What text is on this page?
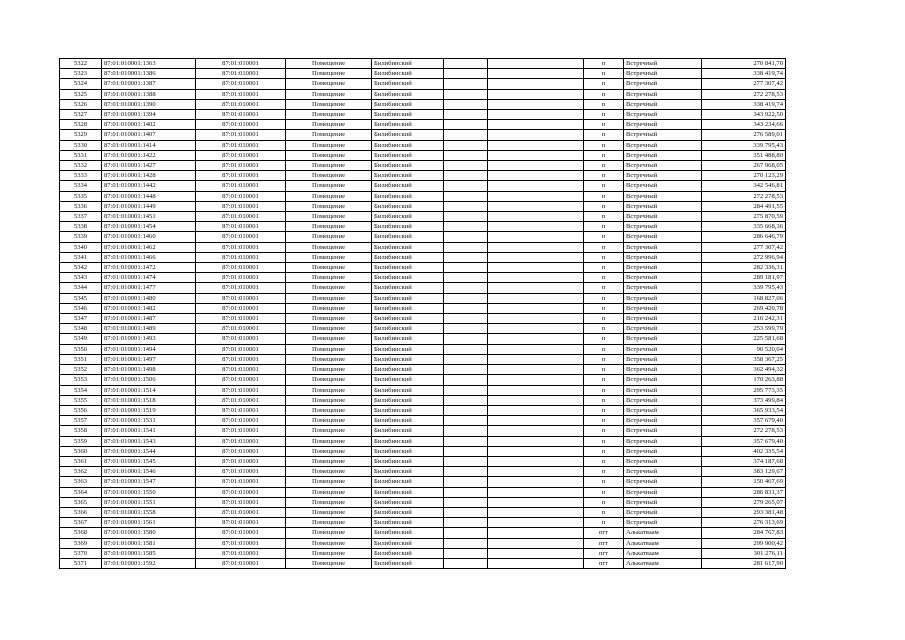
5322	87:01:010001:1363	87:01:010001	Помещение	Билибинский			п	Встречный	270 841,70
5323	87:01:010001:1386	87:01:010001	Помещение	Билибинский			п	Встречный	338 419,74
5324	87:01:010001:1387	87:01:010001	Помещение	Билибинский			п	Встречный	277 307,42
5325	87:01:010001:1388	87:01:010001	Помещение	Билибинский			п	Встречный	272 278,53
5326	87:01:010001:1390	87:01:010001	Помещение	Билибинский			п	Встречный	338 419,74
5327	87:01:010001:1394	87:01:010001	Помещение	Билибинский			п	Встречный	343 922,50
5328	87:01:010001:1402	87:01:010001	Помещение	Билибинский			п	Встречный	343 234,66
5329	87:01:010001:1407	87:01:010001	Помещение	Билибинский			п	Встречный	276 589,01
5330	87:01:010001:1414	87:01:010001	Помещение	Билибинский			п	Встречный	339 795,43
5331	87:01:010001:1422	87:01:010001	Помещение	Билибинский			п	Встречный	351 488,80
5332	87:01:010001:1427	87:01:010001	Помещение	Билибинский			п	Встречный	267 968,05
5333	87:01:010001:1428	87:01:010001	Помещение	Билибинский			п	Встречный	270 123,29
5334	87:01:010001:1442	87:01:010001	Помещение	Билибинский			п	Встречный	342 546,81
5335	87:01:010001:1448	87:01:010001	Помещение	Билибинский			п	Встречный	272 278,53
5336	87:01:010001:1449	87:01:010001	Помещение	Билибинский			п	Встречный	284 491,55
5337	87:01:010001:1451	87:01:010001	Помещение	Билибинский			п	Встречный	275 870,59
5338	87:01:010001:1454	87:01:010001	Помещение	Билибинский			п	Встречный	335 668,36
5339	87:01:010001:1460	87:01:010001	Помещение	Билибинский			п	Встречный	286 646,79
5340	87:01:010001:1462	87:01:010001	Помещение	Билибинский			п	Встречный	277 307,42
5341	87:01:010001:1466	87:01:010001	Помещение	Билибинский			п	Встречный	272 996,94
5342	87:01:010001:1472	87:01:010001	Помещение	Билибинский			п	Встречный	282 336,31
5343	87:01:010001:1474	87:01:010001	Помещение	Билибинский			п	Встречный	289 181,97
5344	87:01:010001:1477	87:01:010001	Помещение	Билибинский			п	Встречный	339 795,43
5345	87:01:010001:1480	87:01:010001	Помещение	Билибинский			п	Встречный	168 827,06
5346	87:01:010001:1482	87:01:010001	Помещение	Билибинский			п	Встречный	269 420,78
5347	87:01:010001:1487	87:01:010001	Помещение	Билибинский			п	Встречный	216 242,31
5348	87:01:010001:1489	87:01:010001	Помещение	Билибинский			п	Встречный	253 599,79
5349	87:01:010001:1493	87:01:010001	Помещение	Билибинский			п	Встречный	225 581,68
5350	87:01:010001:1494	87:01:010001	Помещение	Билибинский			п	Встречный	90 520,04
5351	87:01:010001:1497	87:01:010001	Помещение	Билибинский			п	Встречный	358 367,25
5352	87:01:010001:1498	87:01:010001	Помещение	Билибинский			п	Встречный	362 494,32
5353	87:01:010001:1506	87:01:010001	Помещение	Билибинский			п	Встречный	170 263,88
5354	87:01:010001:1514	87:01:010001	Помещение	Билибинский			п	Встречный	295 773,35
5355	87:01:010001:1518	87:01:010001	Помещение	Билибинский			п	Встречный	373 499,84
5356	87:01:010001:1519	87:01:010001	Помещение	Билибинский			п	Встречный	365 933,54
5357	87:01:010001:1531	87:01:010001	Помещение	Билибинский			п	Встречный	357 679,40
5358	87:01:010001:1541	87:01:010001	Помещение	Билибинский			п	Встречный	272 278,53
5359	87:01:010001:1543	87:01:010001	Помещение	Билибинский			п	Встречный	357 679,40
5360	87:01:010001:1544	87:01:010001	Помещение	Билибинский			п	Встречный	402 335,54
5361	87:01:010001:1545	87:01:010001	Помещение	Билибинский			п	Встречный	374 187,68
5362	87:01:010001:1546	87:01:010001	Помещение	Билибинский			п	Встречный	383 129,67
5363	87:01:010001:1547	87:01:010001	Помещение	Билибинский			п	Встречный	150 467,69
5364	87:01:010001:1550	87:01:010001	Помещение	Билибинский			п	Встречный	286 831,37
5365	87:01:010001:1551	87:01:010001	Помещение	Билибинский			п	Встречный	279 265,07
5366	87:01:010001:1558	87:01:010001	Помещение	Билибинский			п	Встречный	293 381,48
5367	87:01:010001:1561	87:01:010001	Помещение	Билибинский			п	Встречный	276 313,69
5368	87:01:010001:1580	87:01:010001	Помещение	Билибинский			пгт	Алькатваам	284 767,83
5369	87:01:010001:1581	87:01:010001	Помещение	Билибинский			пгт	Алькатваам	299 900,42
5370	87:01:010001:1585	87:01:010001	Помещение	Билибинский			пгт	Алькатваам	301 276,11
5371	87:01:010001:1592	87:01:010001	Помещение	Билибинский			пгт	Алькатваам	281 617,90
